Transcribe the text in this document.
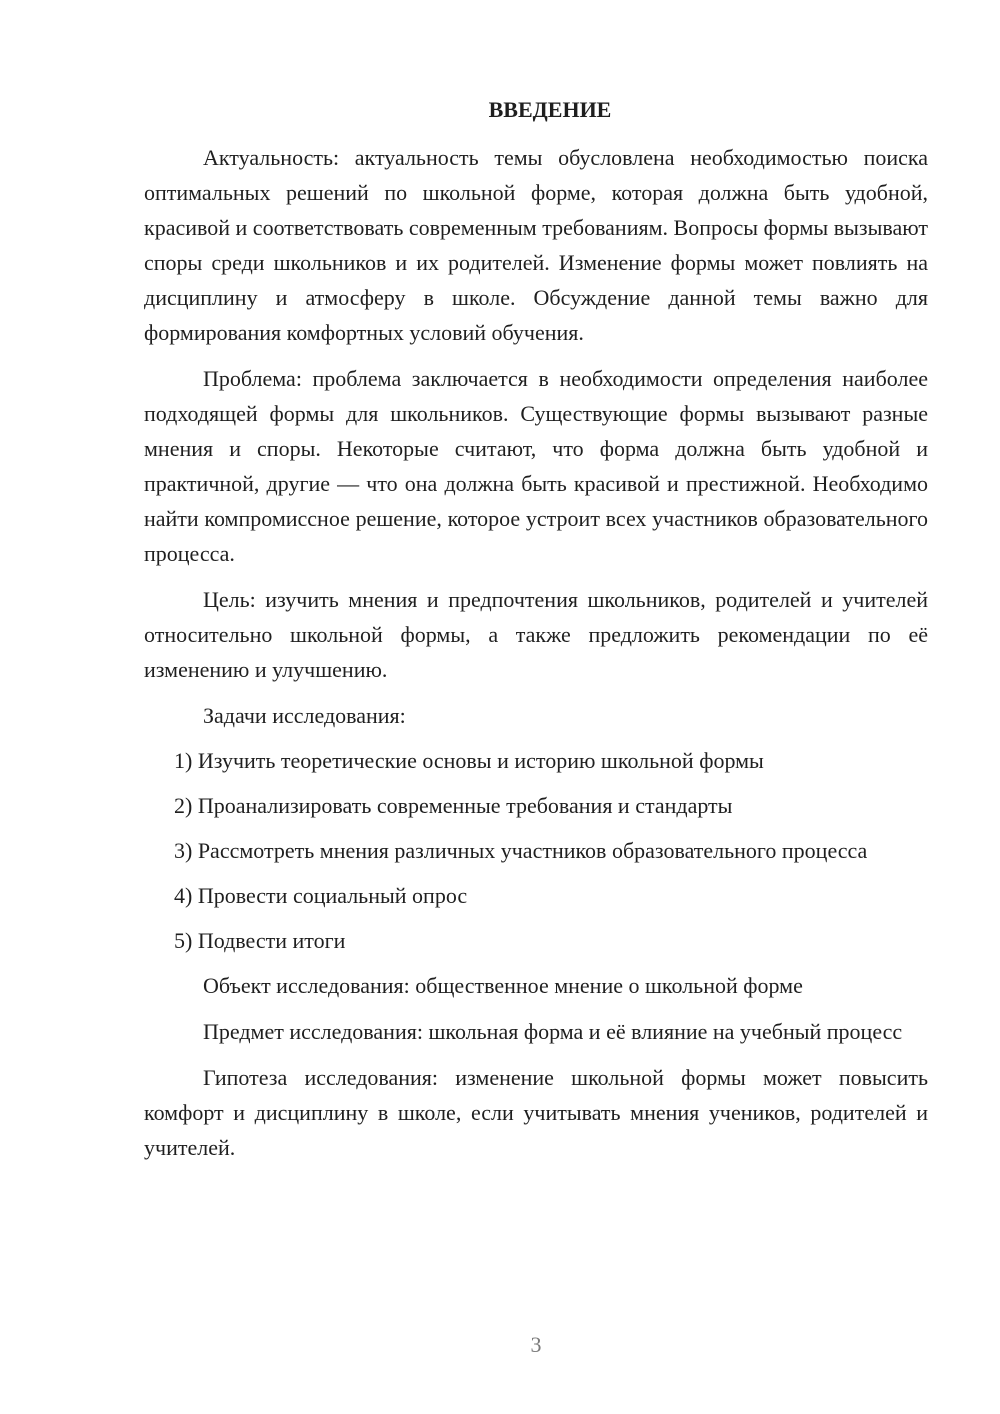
ВВЕДЕНИЕ

Актуальность: актуальность темы обусловлена необходимостью поиска оптимальных решений по школьной форме, которая должна быть удобной, красивой и соответствовать современным требованиям. Вопросы формы вызывают споры среди школьников и их родителей. Изменение формы может повлиять на дисциплину и атмосферу в школе. Обсуждение данной темы важно для формирования комфортных условий обучения.

Проблема: проблема заключается в необходимости определения наиболее подходящей формы для школьников. Существующие формы вызывают разные мнения и споры. Некоторые считают, что форма должна быть удобной и практичной, другие — что она должна быть красивой и престижной. Необходимо найти компромиссное решение, которое устроит всех участников образовательного процесса.

Цель: изучить мнения и предпочтения школьников, родителей и учителей относительно школьной формы, а также предложить рекомендации по её изменению и улучшению.

Задачи исследования:

1) Изучить теоретические основы и историю школьной формы

2) Проанализировать современные требования и стандарты

3) Рассмотреть мнения различных участников образовательного процесса

4) Провести социальный опрос

5) Подвести итоги

Объект исследования: общественное мнение о школьной форме

Предмет исследования: школьная форма и её влияние на учебный процесс

Гипотеза исследования: изменение школьной формы может повысить комфорт и дисциплину в школе, если учитывать мнения учеников, родителей и учителей.

3
